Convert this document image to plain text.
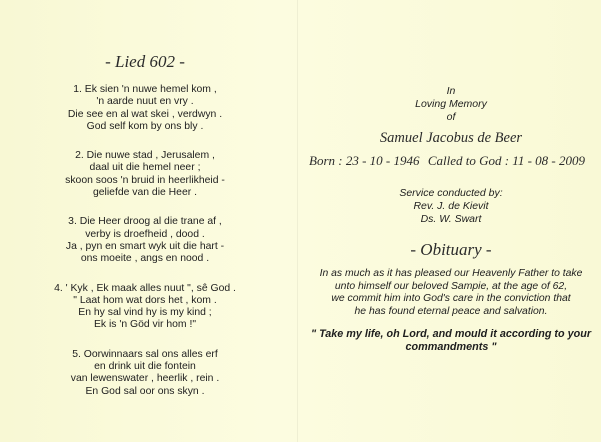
- Lied 602 -
1. Ek sien 'n nuwe hemel kom ,
'n aarde nuut en vry .
Die see en al wat skei , verdwyn .
God self kom by ons bly .
2. Die nuwe stad , Jerusalem ,
daal uit die hemel neer ;
skoon soos 'n bruid in heerlikheid -
geliefde van die Heer .
3. Die Heer droog al die trane af ,
verby is droefheid , dood .
Ja , pyn en smart wyk uit die hart -
ons moeite , angs en nood .
4. ' Kyk , Ek maak alles nuut ", sê God .
" Laat hom wat dors het , kom .
En hy sal vind hy is my kind ;
Ek is 'n Göd vir hom !"
5. Oorwinnaars sal ons alles erf
en drink uit die fontein
van lewenswater , heerlik , rein .
En God sal oor ons skyn .
In
Loving Memory
of
Samuel Jacobus de Beer
Born : 23 - 10 - 1946 Called to God : 11 - 08 - 2009
Service conducted by:
Rev. J. de Kievit
Ds. W. Swart
- Obituary -
In as much as it has pleased our Heavenly Father to take
unto himself our beloved Sampie, at the age of 62,
we commit him into God's care in the conviction that
he has found eternal peace and salvation.
" Take my life, oh Lord, and mould it according to your
commandments "
